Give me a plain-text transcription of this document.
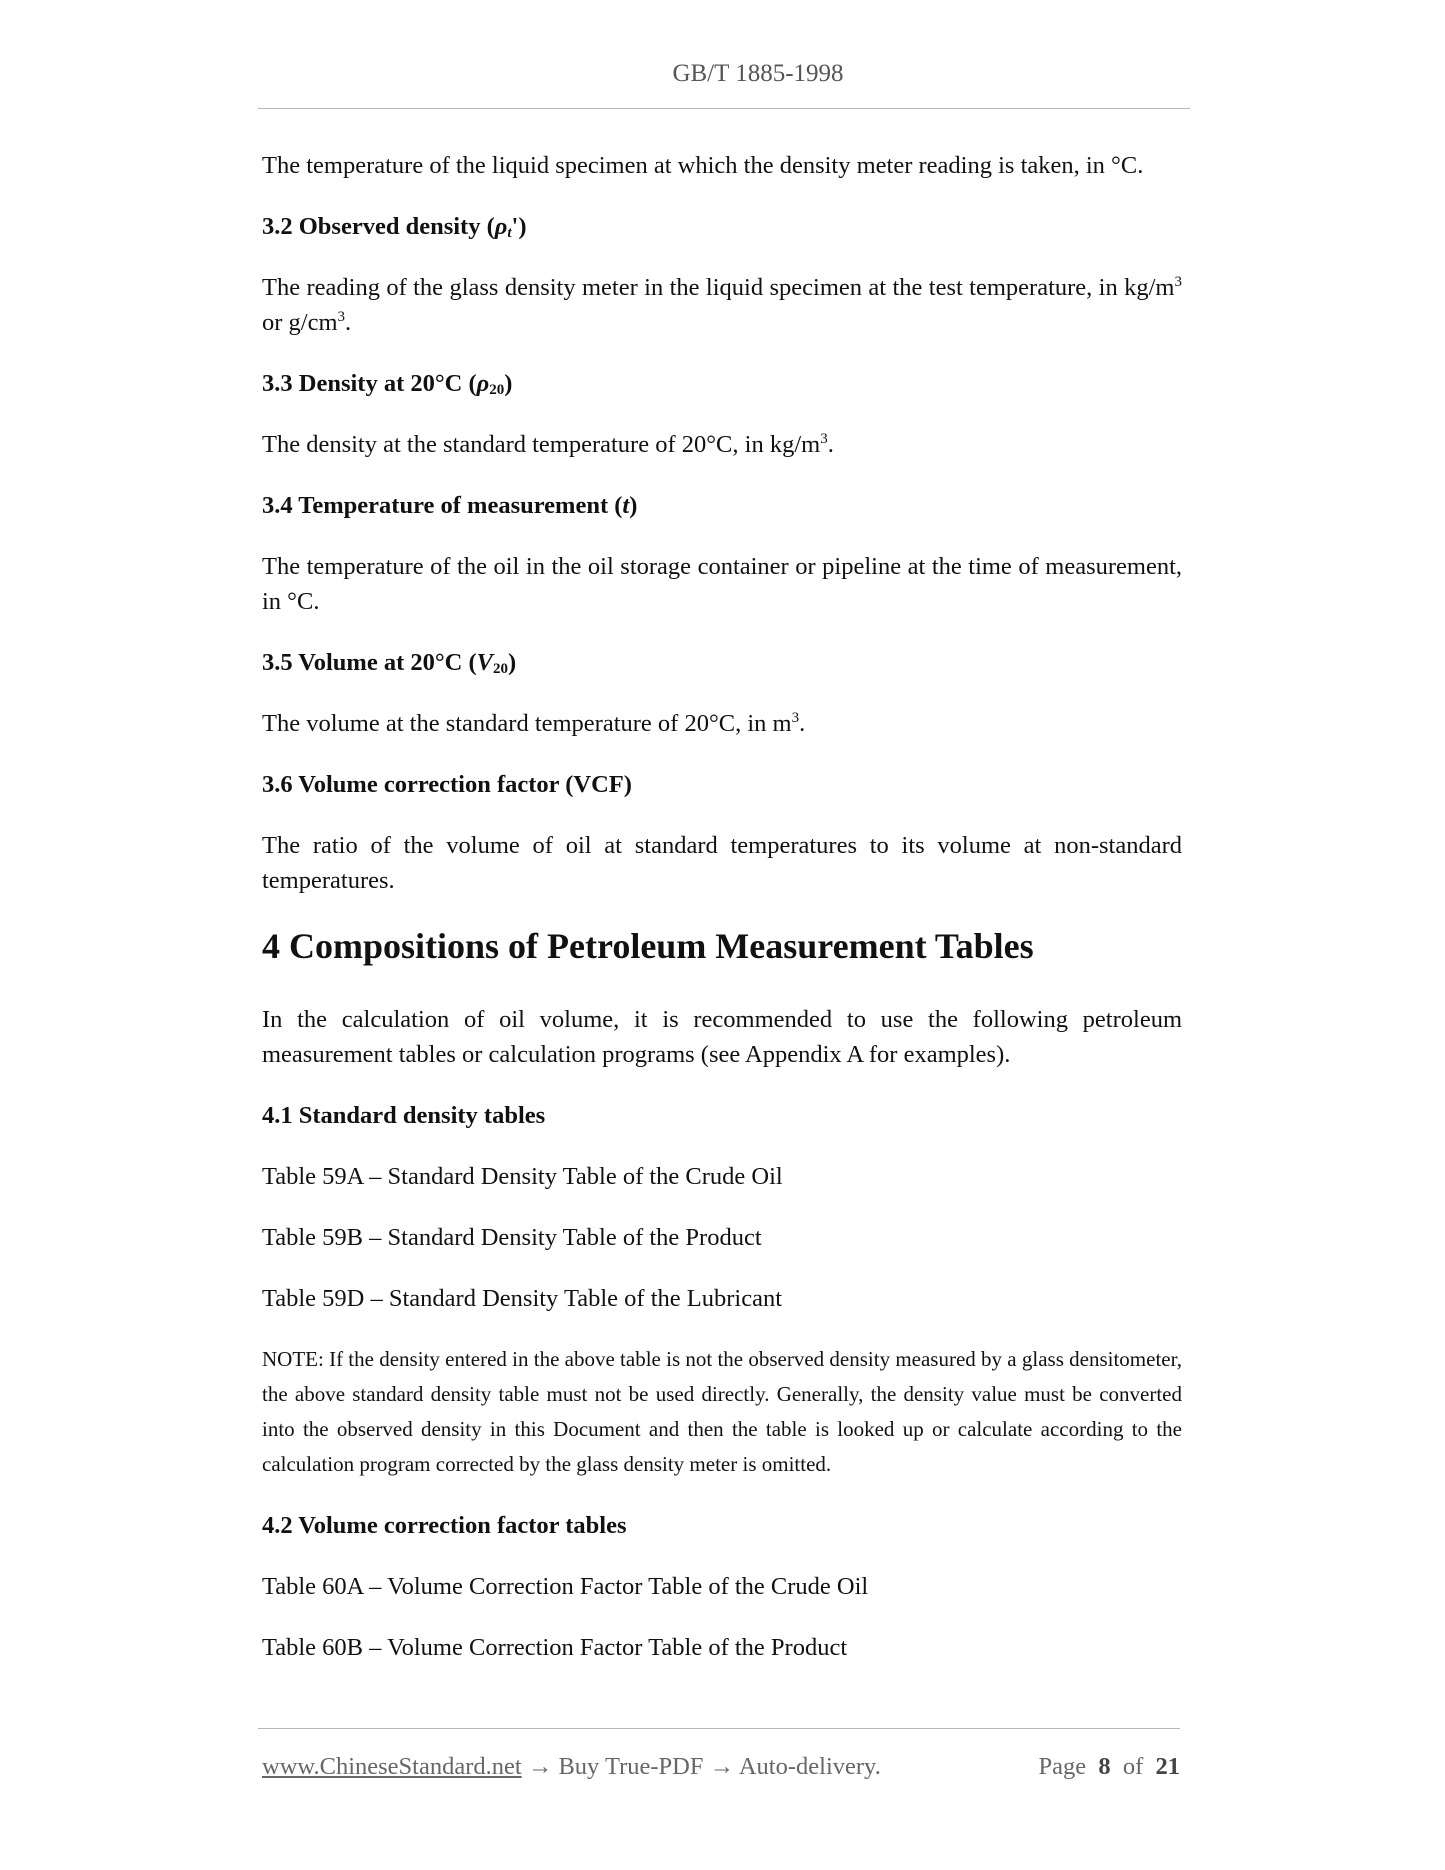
GB/T 1885-1998

The temperature of the liquid specimen at which the density meter reading is taken, in °C.

3.2 Observed density $(\rho_t')$

The reading of the glass density meter in the liquid specimen at the test temperature, in $kg/m^3$ or $g/cm^3$.

3.3 Density at 20°C $(\rho_{20})$

The density at the standard temperature of 20°C, in $kg/m^3$.

3.4 Temperature of measurement (t)

The temperature of the oil in the oil storage container or pipeline at the time of measurement, in °C.

3.5 Volume at 20°C $(V_{20})$

The volume at the standard temperature of 20°C, in $m^3$.

3.6 Volume correction factor (VCF)

The ratio of the volume of oil at standard temperatures to its volume at non-standard temperatures.

4 Compositions of Petroleum Measurement Tables

In the calculation of oil volume, it is recommended to use the following petroleum measurement tables or calculation programs (see Appendix A for examples).

4.1 Standard density tables

Table 59A – Standard Density Table of the Crude Oil

Table 59B – Standard Density Table of the Product

Table 59D – Standard Density Table of the Lubricant

NOTE: If the density entered in the above table is not the observed density measured by a glass densitometer, the above standard density table must not be used directly. Generally, the density value must be converted into the observed density in this Document and then the table is looked up or calculate according to the calculation program corrected by the glass density meter is omitted.

4.2 Volume correction factor tables

Table 60A – Volume Correction Factor Table of the Crude Oil

Table 60B – Volume Correction Factor Table of the Product

www.ChineseStandard.net → Buy True-PDF → Auto-delivery.	Page 8 of 21
